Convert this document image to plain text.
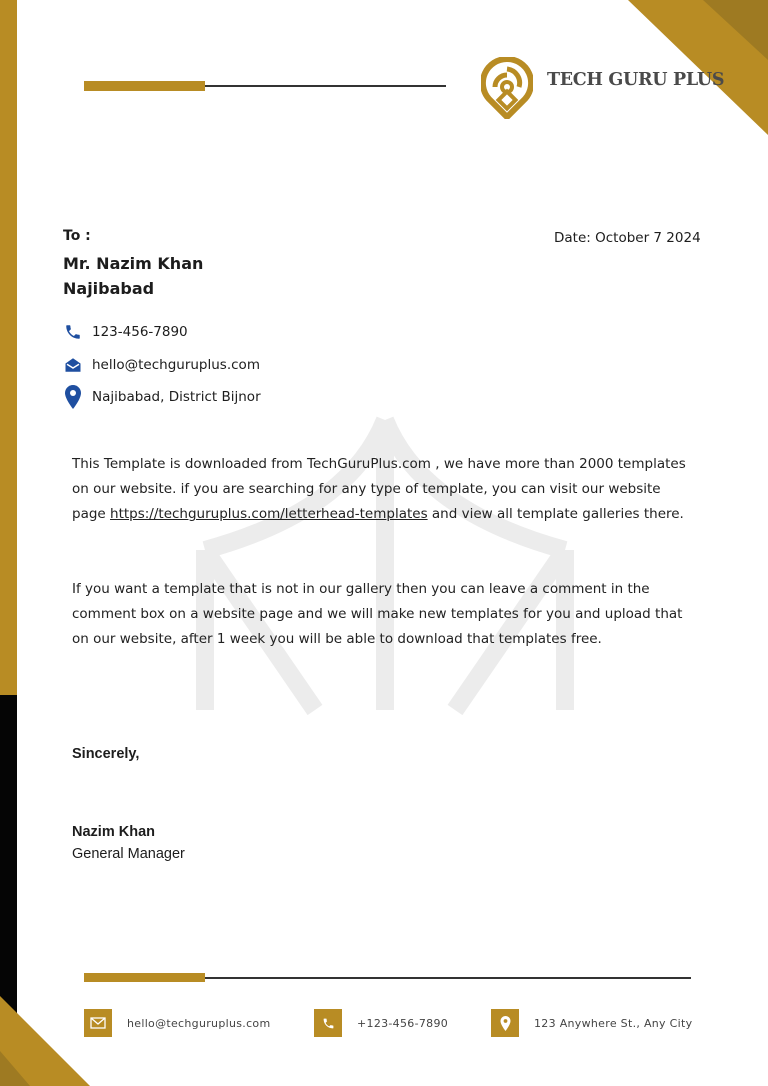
TECH GURU PLUS
To :
Mr. Nazim Khan
Najibabad
Date: October 7 2024
123-456-7890
hello@techguruplus.com
Najibabad, District Bijnor
This Template is downloaded from TechGuruPlus.com , we have more than 2000 templates on our website. if you are searching for any type of template, you can visit our website page https://techguruplus.com/letterhead-templates and view all template galleries there.
If you want a template that is not in our gallery then you can leave a comment in the comment box on a website page and we will make new templates for you and upload that on our website, after 1 week you will be able to download that templates free.
Sincerely,
Nazim Khan
General Manager
hello@techguruplus.com	+123-456-7890	123 Anywhere St., Any City
